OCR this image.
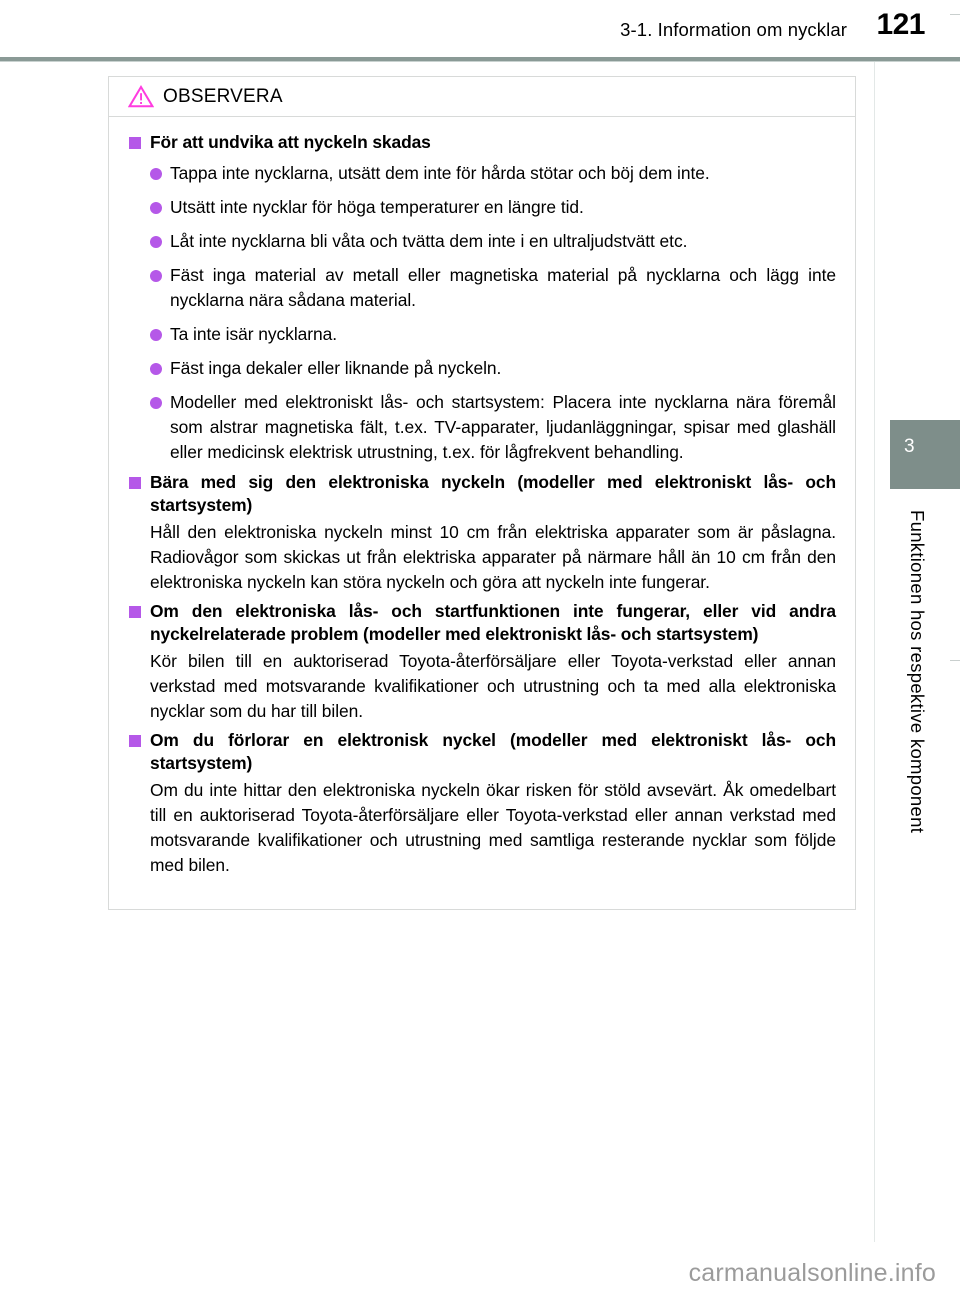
3-1. Information om nycklar 121
OBSERVERA
För att undvika att nyckeln skadas
Tappa inte nycklarna, utsätt dem inte för hårda stötar och böj dem inte.
Utsätt inte nycklar för höga temperaturer en längre tid.
Låt inte nycklarna bli våta och tvätta dem inte i en ultraljudstvätt etc.
Fäst inga material av metall eller magnetiska material på nycklarna och lägg inte nycklarna nära sådana material.
Ta inte isär nycklarna.
Fäst inga dekaler eller liknande på nyckeln.
Modeller med elektroniskt lås- och startsystem: Placera inte nycklarna nära föremål som alstrar magnetiska fält, t.ex. TV-apparater, ljudanläggningar, spisar med glashäll eller medicinsk elektrisk utrustning, t.ex. för lågfrekvent behandling.
Bära med sig den elektroniska nyckeln (modeller med elektroniskt lås- och startsystem)
Håll den elektroniska nyckeln minst 10 cm från elektriska apparater som är påslagna. Radiovågor som skickas ut från elektriska apparater på närmare håll än 10 cm från den elektroniska nyckeln kan störa nyckeln och göra att nyckeln inte fungerar.
Om den elektroniska lås- och startfunktionen inte fungerar, eller vid andra nyckelrelaterade problem (modeller med elektroniskt lås- och startsystem)
Kör bilen till en auktoriserad Toyota-återförsäljare eller Toyota-verkstad eller annan verkstad med motsvarande kvalifikationer och utrustning och ta med alla elektroniska nycklar som du har till bilen.
Om du förlorar en elektronisk nyckel (modeller med elektroniskt lås- och startsystem)
Om du inte hittar den elektroniska nyckeln ökar risken för stöld avsevärt. Åk omedelbart till en auktoriserad Toyota-återförsäljare eller Toyota-verkstad eller annan verkstad med motsvarande kvalifikationer och utrustning med samtliga resterande nycklar som följde med bilen.
3
Funktionen hos respektive komponent
carmanualsonline.info
